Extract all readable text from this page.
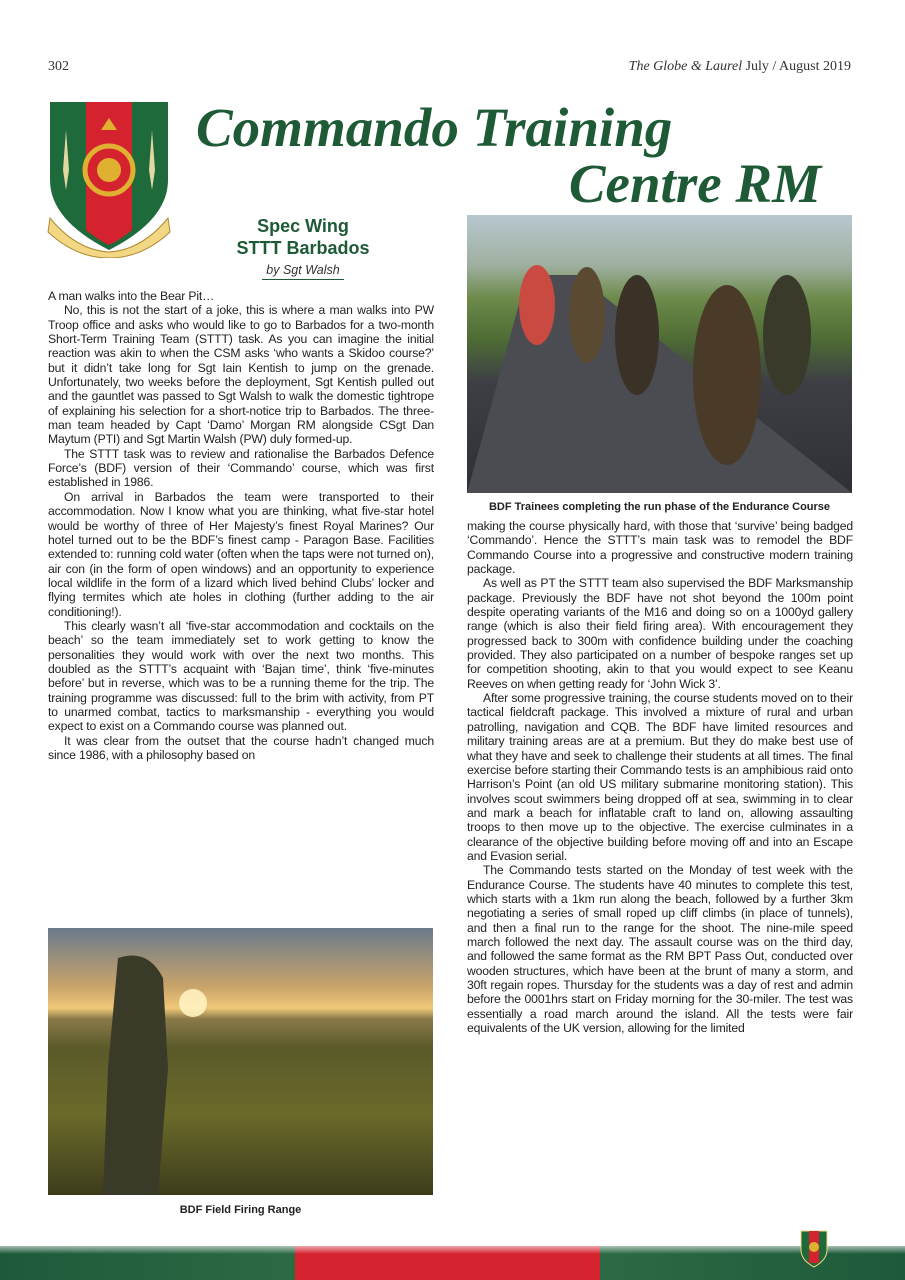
302	The Globe & Laurel July / August 2019
Commando Training
Centre RM
Spec Wing
STTT Barbados
by Sgt Walsh

A man walks into the Bear Pit…

No, this is not the start of a joke, this is where a man walks into PW Troop office and asks who would like to go to Barbados for a two-month Short-Term Training Team (STTT) task. As you can imagine the initial reaction was akin to when the CSM asks ‘who wants a Skidoo course?’ but it didn’t take long for Sgt Iain Kentish to jump on the grenade. Unfortunately, two weeks before the deployment, Sgt Kentish pulled out and the gauntlet was passed to Sgt Walsh to walk the domestic tightrope of explaining his selection for a short-notice trip to Barbados. The three-man team headed by Capt ‘Damo’ Morgan RM alongside CSgt Dan Maytum (PTI) and Sgt Martin Walsh (PW) duly formed-up.

The STTT task was to review and rationalise the Barbados Defence Force’s (BDF) version of their ‘Commando’ course, which was first established in 1986.

On arrival in Barbados the team were transported to their accommodation. Now I know what you are thinking, what five-star hotel would be worthy of three of Her Majesty’s finest Royal Marines? Our hotel turned out to be the BDF’s finest camp - Paragon Base. Facilities extended to: running cold water (often when the taps were not turned on), air con (in the form of open windows) and an opportunity to experience local wildlife in the form of a lizard which lived behind Clubs’ locker and flying termites which ate holes in clothing (further adding to the air conditioning!).

This clearly wasn’t all ‘five-star accommodation and cocktails on the beach’ so the team immediately set to work getting to know the personalities they would work with over the next two months. This doubled as the STTT’s acquaint with ‘Bajan time’, think ‘five-minutes before’ but in reverse, which was to be a running theme for the trip. The training programme was discussed: full to the brim with activity, from PT to unarmed combat, tactics to marksmanship - everything you would expect to exist on a Commando course was planned out.

It was clear from the outset that the course hadn’t changed much since 1986, with a philosophy based on

BDF Trainees completing the run phase of the Endurance Course

making the course physically hard, with those that ‘survive’ being badged ‘Commando’. Hence the STTT’s main task was to remodel the BDF Commando Course into a progressive and constructive modern training package.

As well as PT the STTT team also supervised the BDF Marksmanship package. Previously the BDF have not shot beyond the 100m point despite operating variants of the M16 and doing so on a 1000yd gallery range (which is also their field firing area). With encouragement they progressed back to 300m with confidence building under the coaching provided. They also participated on a number of bespoke ranges set up for competition shooting, akin to that you would expect to see Keanu Reeves on when getting ready for ‘John Wick 3’.

After some progressive training, the course students moved on to their tactical fieldcraft package. This involved a mixture of rural and urban patrolling, navigation and CQB. The BDF have limited resources and military training areas are at a premium. But they do make best use of what they have and seek to challenge their students at all times. The final exercise before starting their Commando tests is an amphibious raid onto Harrison’s Point (an old US military submarine monitoring station). This involves scout swimmers being dropped off at sea, swimming in to clear and mark a beach for inflatable craft to land on, allowing assaulting troops to then move up to the objective. The exercise culminates in a clearance of the objective building before moving off and into an Escape and Evasion serial.

The Commando tests started on the Monday of test week with the Endurance Course. The students have 40 minutes to complete this test, which starts with a 1km run along the beach, followed by a further 3km negotiating a series of small roped up cliff climbs (in place of tunnels), and then a final run to the range for the shoot. The nine-mile speed march followed the next day. The assault course was on the third day, and followed the same format as the RM BPT Pass Out, conducted over wooden structures, which have been at the brunt of many a storm, and 30ft regain ropes. Thursday for the students was a day of rest and admin before the 0001hrs start on Friday morning for the 30-miler. The test was essentially a road march around the island. All the tests were fair equivalents of the UK version, allowing for the limited

BDF Field Firing Range
